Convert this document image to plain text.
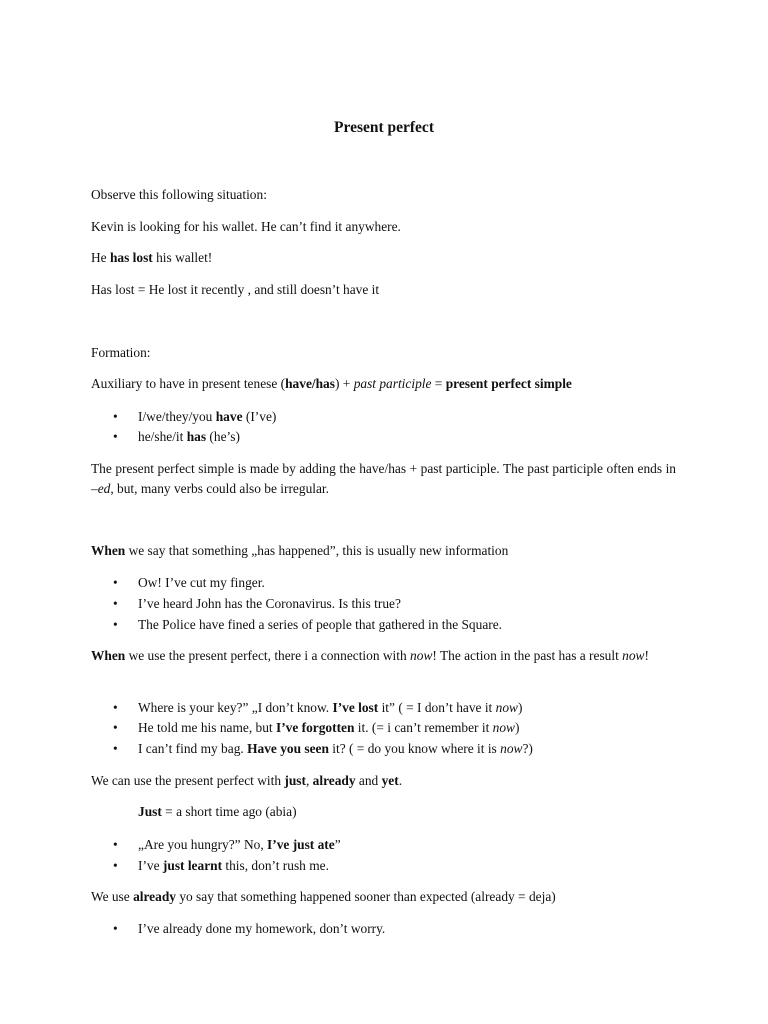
Present perfect

Observe this following situation:

Kevin is looking for his wallet. He can’t find it anywhere.

He has lost his wallet!

Has lost = He lost it recently , and still doesn’t have it

Formation:

Auxiliary to have in present tenese (have/has) + past participle = present perfect simple

• I/we/they/you have (I’ve)

• he/she/it has (he’s)

The present perfect simple is made by adding the have/has + past participle. The past participle often ends in –ed, but, many verbs could also be irregular.

When we say that something „has happened”, this is usually new information

• Ow! I’ve cut my finger.

• I’ve heard John has the Coronavirus. Is this true?

• The Police have fined a series of people that gathered in the Square.

When we use the present perfect, there i a connection with now! The action in the past has a result now!

• Where is your key?” „I don’t know. I’ve lost it” ( = I don’t have it now)

• He told me his name, but I’ve forgotten it. (= i can’t remember it now)

• I can’t find my bag. Have you seen it? ( = do you know where it is now?)

We can use the present perfect with just, already and yet.

Just = a short time ago (abia)

• „Are you hungry?” No, I’ve just ate”

• I’ve just learnt this, don’t rush me.

We use already yo say that something happened sooner than expected (already = deja)

• I’ve already done my homework, don’t worry.
